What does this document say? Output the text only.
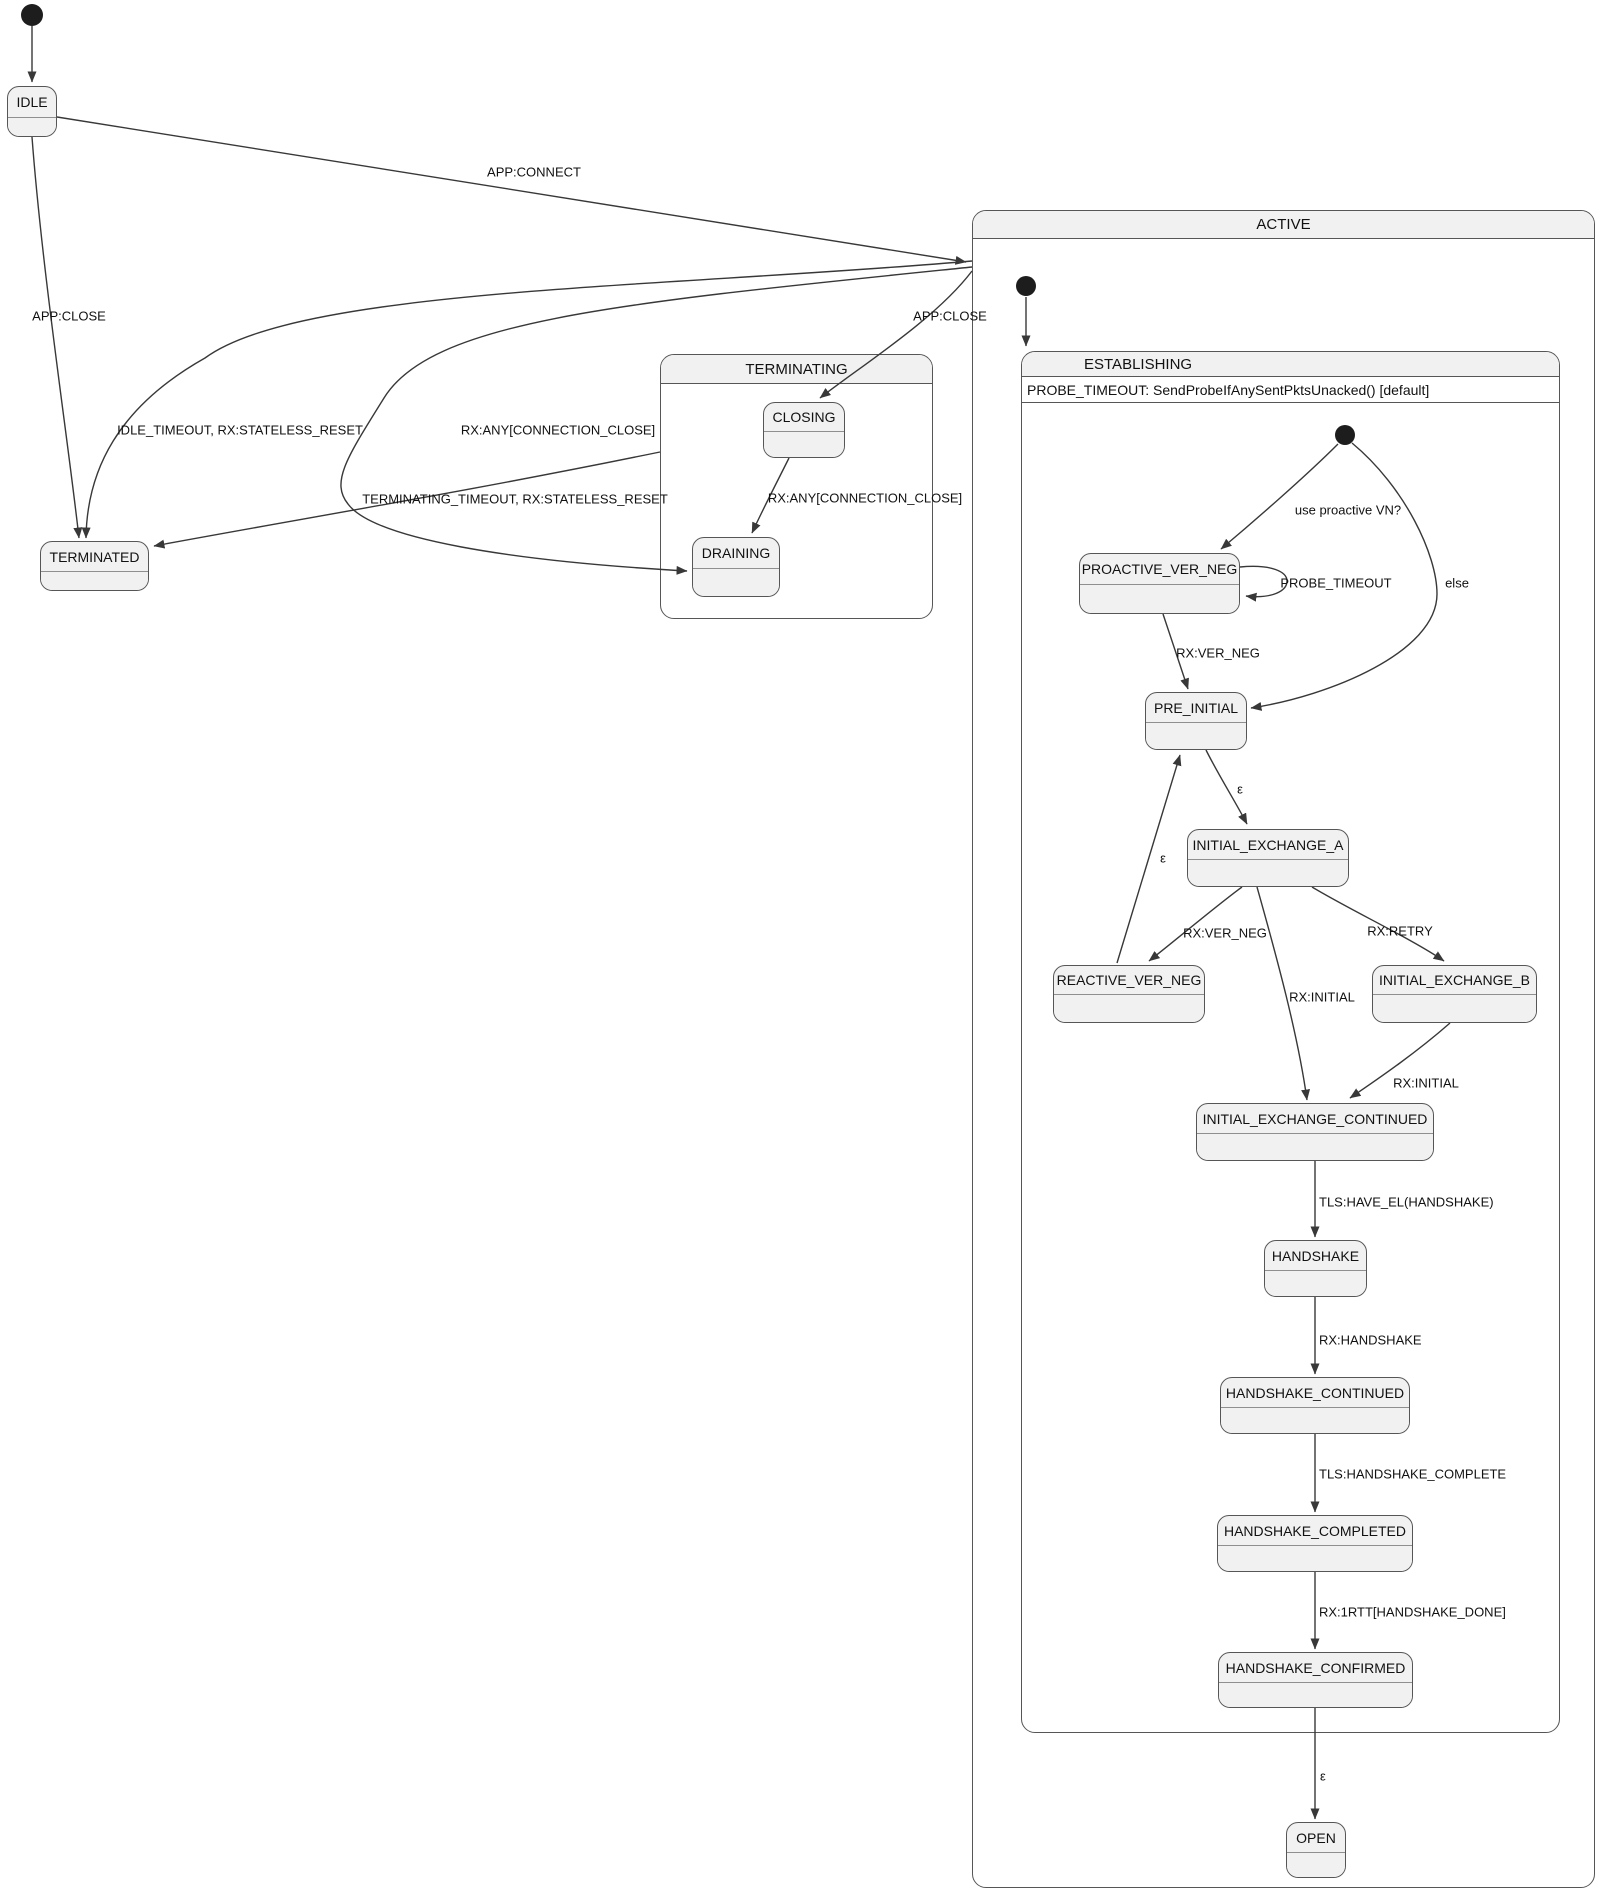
ACTIVE
TERMINATING	ESTABLISHING
PROBE_TIMEOUT: SendProbeIfAnySentPktsUnacked() [default]
IDLE
TERMINATED
CLOSING
DRAINING
PROACTIVE_VER_NEG
PRE_INITIAL
INITIAL_EXCHANGE_A
REACTIVE_VER_NEG	INITIAL_EXCHANGE_B
INITIAL_EXCHANGE_CONTINUED
HANDSHAKE
HANDSHAKE_CONTINUED
HANDSHAKE_COMPLETED
HANDSHAKE_CONFIRMED
OPEN
APP:CONNECT
APP:CLOSE
IDLE_TIMEOUT, RX:STATELESS_RESET	RX:ANY[CONNECTION_CLOSE]
TERMINATING_TIMEOUT, RX:STATELESS_RESET
APP:CLOSE
RX:ANY[CONNECTION_CLOSE]
use proactive VN?
PROBE_TIMEOUT	else
RX:VER_NEG
ε
ε
RX:VER_NEG	RX:RETRY
RX:INITIAL
RX:INITIAL
TLS:HAVE_EL(HANDSHAKE)
RX:HANDSHAKE
TLS:HANDSHAKE_COMPLETE
RX:1RTT[HANDSHAKE_DONE]
ε
